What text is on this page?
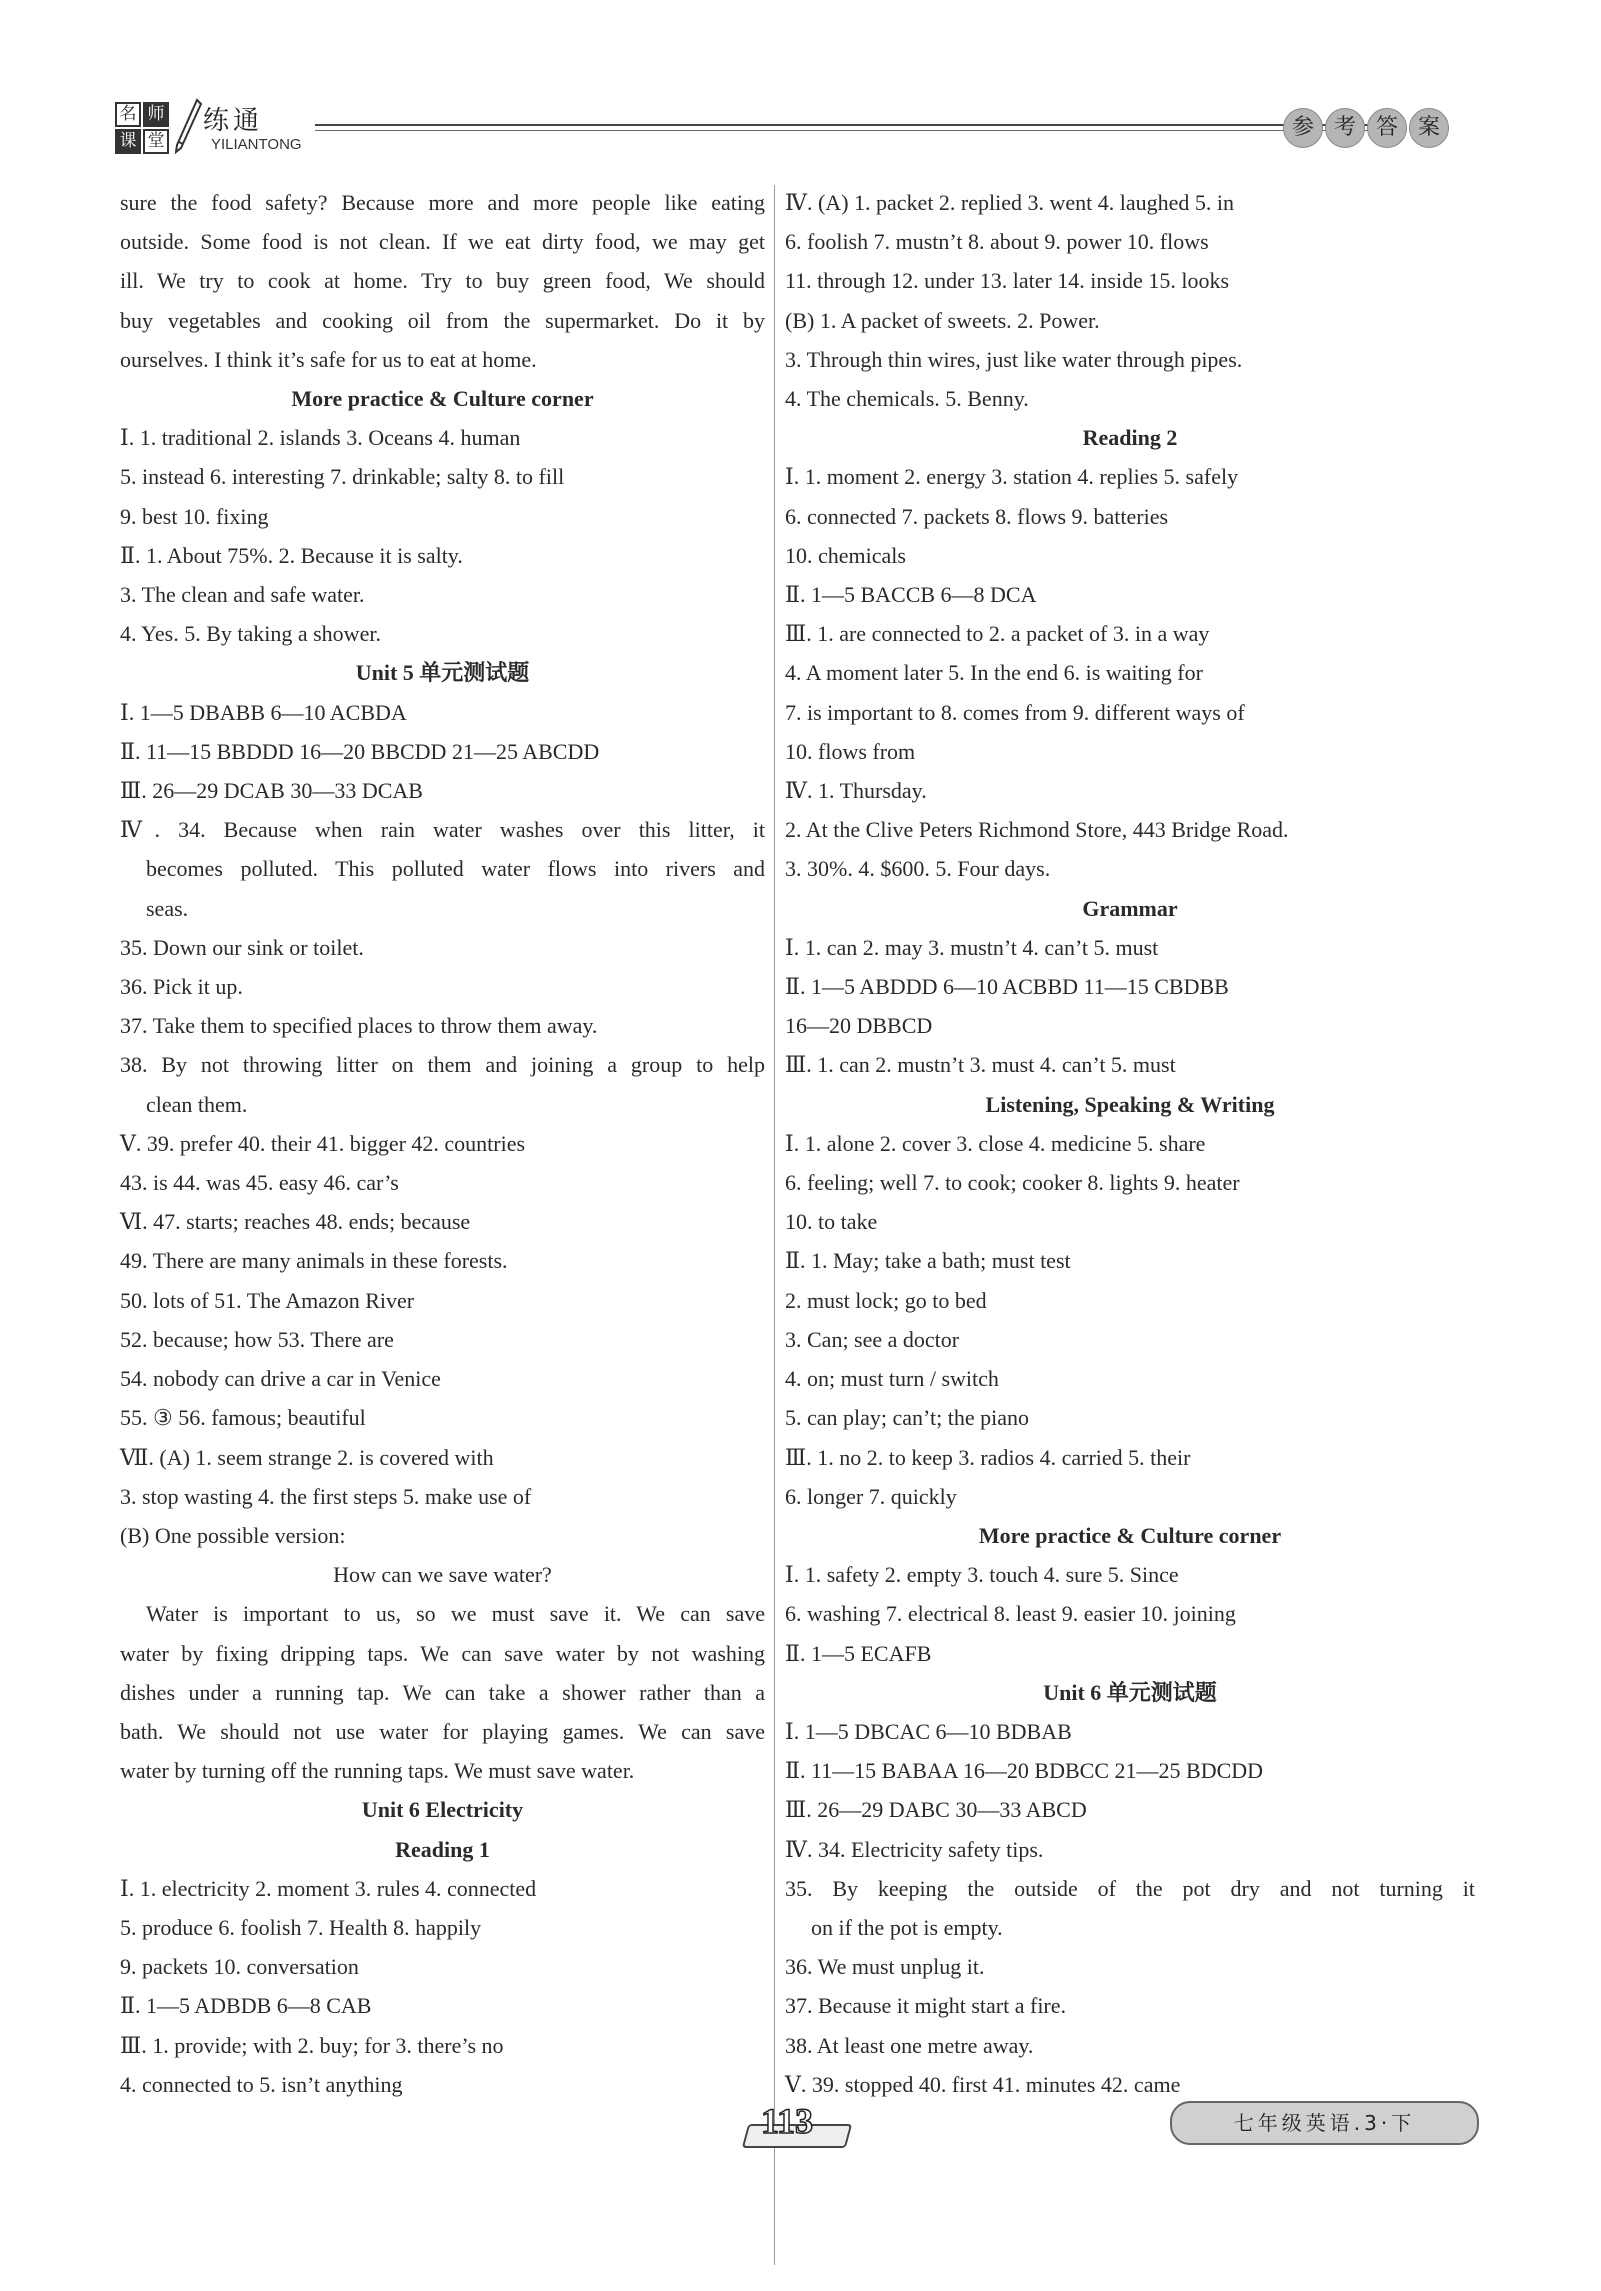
名 师
课 堂
练通
YILIANTONG
参 考 答 案
sure the food safety? Because more and more people like eating
outside. Some food is not clean. If we eat dirty food, we may get
ill. We try to cook at home. Try to buy green food, We should
buy vegetables and cooking oil from the supermarket. Do it by
ourselves. I think it’s safe for us to eat at home.
More practice & Culture corner
Ⅰ. 1. traditional 2. islands 3. Oceans 4. human
5. instead 6. interesting 7. drinkable; salty 8. to fill
9. best 10. fixing
Ⅱ. 1. About 75%. 2. Because it is salty.
3. The clean and safe water.
4. Yes. 5. By taking a shower.
Unit 5 单元测试题
Ⅰ. 1—5 DBABB 6—10 ACBDA
Ⅱ. 11—15 BBDDD 16—20 BBCDD 21—25 ABCDD
Ⅲ. 26—29 DCAB 30—33 DCAB
Ⅳ. 34. Because when rain water washes over this litter, it
becomes polluted. This polluted water flows into rivers and
seas.
35. Down our sink or toilet.
36. Pick it up.
37. Take them to specified places to throw them away.
38. By not throwing litter on them and joining a group to help
clean them.
Ⅴ. 39. prefer 40. their 41. bigger 42. countries
43. is 44. was 45. easy 46. car’s
Ⅵ. 47. starts; reaches 48. ends; because
49. There are many animals in these forests.
50. lots of 51. The Amazon River
52. because; how 53. There are
54. nobody can drive a car in Venice
55. ③ 56. famous; beautiful
Ⅶ. (A) 1. seem strange 2. is covered with
3. stop wasting 4. the first steps 5. make use of
(B) One possible version:
How can we save water?
Water is important to us, so we must save it. We can save
water by fixing dripping taps. We can save water by not washing
dishes under a running tap. We can take a shower rather than a
bath. We should not use water for playing games. We can save
water by turning off the running taps. We must save water.
Unit 6 Electricity
Reading 1
Ⅰ. 1. electricity 2. moment 3. rules 4. connected
5. produce 6. foolish 7. Health 8. happily
9. packets 10. conversation
Ⅱ. 1—5 ADBDB 6—8 CAB
Ⅲ. 1. provide; with 2. buy; for 3. there’s no
4. connected to 5. isn’t anything
Ⅳ. (A) 1. packet 2. replied 3. went 4. laughed 5. in
6. foolish 7. mustn’t 8. about 9. power 10. flows
11. through 12. under 13. later 14. inside 15. looks
(B) 1. A packet of sweets. 2. Power.
3. Through thin wires, just like water through pipes.
4. The chemicals. 5. Benny.
Reading 2
Ⅰ. 1. moment 2. energy 3. station 4. replies 5. safely
6. connected 7. packets 8. flows 9. batteries
10. chemicals
Ⅱ. 1—5 BACCB 6—8 DCA
Ⅲ. 1. are connected to 2. a packet of 3. in a way
4. A moment later 5. In the end 6. is waiting for
7. is important to 8. comes from 9. different ways of
10. flows from
Ⅳ. 1. Thursday.
2. At the Clive Peters Richmond Store, 443 Bridge Road.
3. 30%. 4. $600. 5. Four days.
Grammar
Ⅰ. 1. can 2. may 3. mustn’t 4. can’t 5. must
Ⅱ. 1—5 ABDDD 6—10 ACBBD 11—15 CBDBB
16—20 DBBCD
Ⅲ. 1. can 2. mustn’t 3. must 4. can’t 5. must
Listening, Speaking & Writing
Ⅰ. 1. alone 2. cover 3. close 4. medicine 5. share
6. feeling; well 7. to cook; cooker 8. lights 9. heater
10. to take
Ⅱ. 1. May; take a bath; must test
2. must lock; go to bed
3. Can; see a doctor
4. on; must turn / switch
5. can play; can’t; the piano
Ⅲ. 1. no 2. to keep 3. radios 4. carried 5. their
6. longer 7. quickly
More practice & Culture corner
Ⅰ. 1. safety 2. empty 3. touch 4. sure 5. Since
6. washing 7. electrical 8. least 9. easier 10. joining
Ⅱ. 1—5 ECAFB
Unit 6 单元测试题
Ⅰ. 1—5 DBCAC 6—10 BDBAB
Ⅱ. 11—15 BABAA 16—20 BDBCC 21—25 BDCDD
Ⅲ. 26—29 DABC 30—33 ABCD
Ⅳ. 34. Electricity safety tips.
35. By keeping the outside of the pot dry and not turning it
on if the pot is empty.
36. We must unplug it.
37. Because it might start a fire.
38. At least one metre away.
Ⅴ. 39. stopped 40. first 41. minutes 42. came
113	七年级英语.3·下
